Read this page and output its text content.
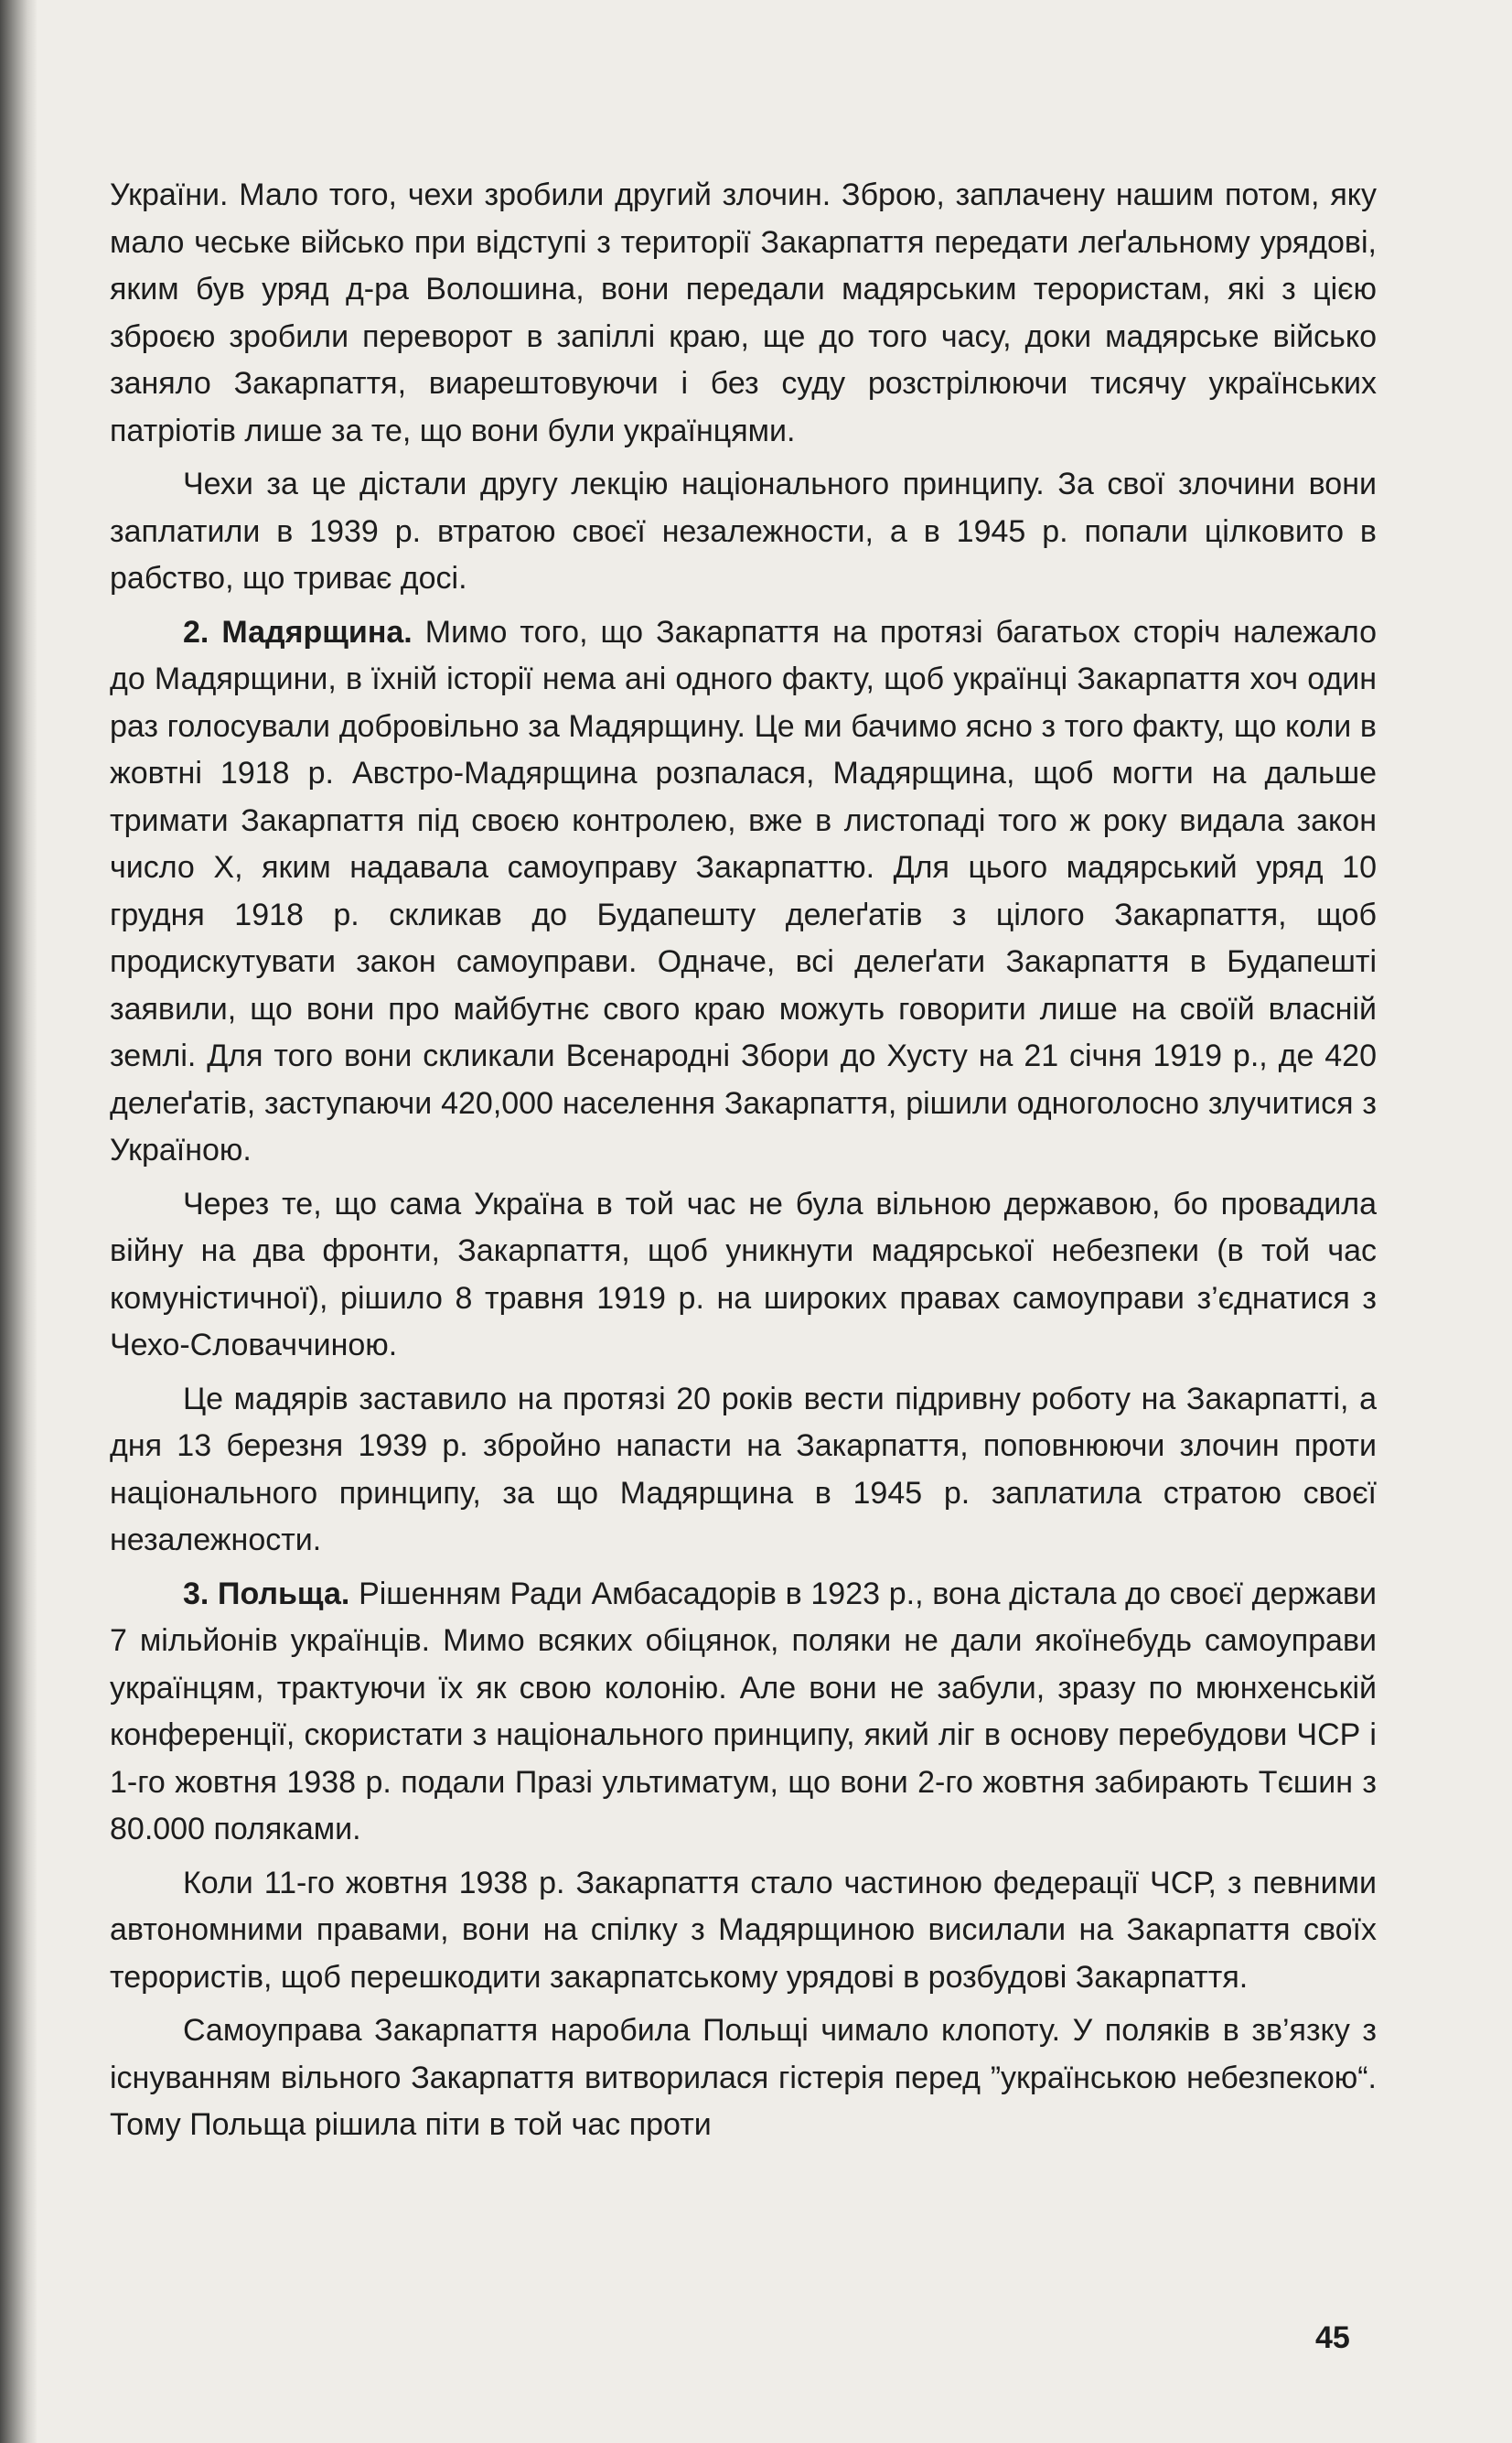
України. Мало того, чехи зробили другий злочин. Зброю, заплачену нашим потом, яку мало чеське військо при відступі з території Закарпаття передати леґальному урядові, яким був уряд д-ра Волошина, вони передали мадярським терористам, які з цією зброєю зробили переворот в запіллі краю, ще до того часу, доки мадярське військо заняло Закарпаття, виарештовуючи і без суду розстрілюючи тисячу українських патріотів лише за те, що вони були українцями.

Чехи за це дістали другу лекцію національного принципу. За свої злочини вони заплатили в 1939 р. втратою своєї незалежности, а в 1945 р. попали цілковито в рабство, що триває досі.

2. Мадярщина. Мимо того, що Закарпаття на протязі багатьох сторіч належало до Мадярщини, в їхній історії нема ані одного факту, щоб українці Закарпаття хоч один раз голосували добровільно за Мадярщину. Це ми бачимо ясно з того факту, що коли в жовтні 1918 р. Австро-Мадярщина розпалася, Мадярщина, щоб могти на дальше тримати Закарпаття під своєю контролею, вже в листопаді того ж року видала закон число X, яким надавала самоуправу Закарпаттю. Для цього мадярський уряд 10 грудня 1918 р. скликав до Будапешту делеґатів з цілого Закарпаття, щоб продискутувати закон самоуправи. Одначе, всі делеґати Закарпаття в Будапешті заявили, що вони про майбутнє свого краю можуть говорити лише на своїй власній землі. Для того вони скликали Всенародні Збори до Хусту на 21 січня 1919 р., де 420 делеґатів, заступаючи 420,000 населення Закарпаття, рішили одноголосно злучитися з Україною.

Через те, що сама Україна в той час не була вільною державою, бо провадила війну на два фронти, Закарпаття, щоб уникнути мадярської небезпеки (в той час комуністичної), рішило 8 травня 1919 р. на широких правах самоуправи з’єднатися з Чехо-Словаччиною.

Це мадярів заставило на протязі 20 років вести підривну роботу на Закарпатті, а дня 13 березня 1939 р. збройно напасти на Закарпаття, поповнюючи злочин проти національного принципу, за що Мадярщина в 1945 р. заплатила стратою своєї незалежности.

3. Польща. Рішенням Ради Амбасадорів в 1923 р., вона дістала до своєї держави 7 мільйонів українців. Мимо всяких обіцянок, поляки не дали якоїнебудь самоуправи українцям, трактуючи їх як свою колонію. Але вони не забули, зразу по мюнхенській конференції, скористати з національного принципу, який ліг в основу перебудови ЧСР і 1-го жовтня 1938 р. подали Празі ультиматум, що вони 2-го жовтня забирають Тєшин з 80.000 поляками.

Коли 11-го жовтня 1938 р. Закарпаття стало частиною федерації ЧСР, з певними автономними правами, вони на спілку з Мадярщиною висилали на Закарпаття своїх терористів, щоб перешкодити закарпатському урядові в розбудові Закарпаття.

Самоуправа Закарпаття наробила Польщі чимало клопоту. У поляків в зв’язку з існуванням вільного Закарпаття витворилася гістерія перед ”українською небезпекою“. Тому Польща рішила піти в той час проти

45
